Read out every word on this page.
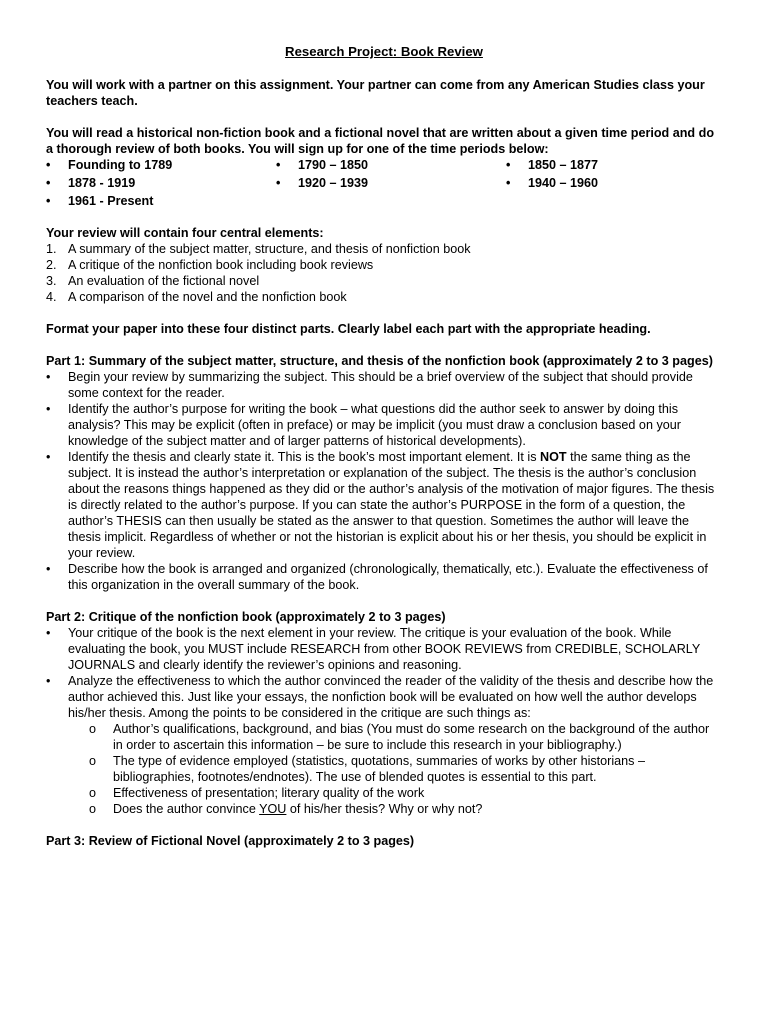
Research Project: Book Review

You will work with a partner on this assignment. Your partner can come from any American Studies class your teachers teach.

You will read a historical non-fiction book and a fictional novel that are written about a given time period and do a thorough review of both books. You will sign up for one of the time periods below:

•	Founding to 1789	•	1790 – 1850	•	1850 – 1877
•	1878 - 1919	•	1920 – 1939	•	1940 – 1960
•	1961 - Present

Your review will contain four central elements:

1. A summary of the subject matter, structure, and thesis of nonfiction book
2. A critique of the nonfiction book including book reviews
3. An evaluation of the fictional novel
4. A comparison of the novel and the nonfiction book

Format your paper into these four distinct parts. Clearly label each part with the appropriate heading.

Part 1: Summary of the subject matter, structure, and thesis of the nonfiction book (approximately 2 to 3 pages)

•	Begin your review by summarizing the subject. This should be a brief overview of the subject that should provide some context for the reader.
•	Identify the author’s purpose for writing the book – what questions did the author seek to answer by doing this analysis? This may be explicit (often in preface) or may be implicit (you must draw a conclusion based on your knowledge of the subject matter and of larger patterns of historical developments).
•	Identify the thesis and clearly state it. This is the book’s most important element. It is NOT the same thing as the subject. It is instead the author’s interpretation or explanation of the subject. The thesis is the author’s conclusion about the reasons things happened as they did or the author’s analysis of the motivation of major figures. The thesis is directly related to the author’s purpose. If you can state the author’s PURPOSE in the form of a question, the author’s THESIS can then usually be stated as the answer to that question. Sometimes the author will leave the thesis implicit. Regardless of whether or not the historian is explicit about his or her thesis, you should be explicit in your review.
•	Describe how the book is arranged and organized (chronologically, thematically, etc.). Evaluate the effectiveness of this organization in the overall summary of the book.

Part 2: Critique of the nonfiction book (approximately 2 to 3 pages)

•	Your critique of the book is the next element in your review. The critique is your evaluation of the book. While evaluating the book, you MUST include RESEARCH from other BOOK REVIEWS from CREDIBLE, SCHOLARLY JOURNALS and clearly identify the reviewer’s opinions and reasoning.
•	Analyze the effectiveness to which the author convinced the reader of the validity of the thesis and describe how the author achieved this. Just like your essays, the nonfiction book will be evaluated on how well the author develops his/her thesis. Among the points to be considered in the critique are such things as:
o	Author’s qualifications, background, and bias (You must do some research on the background of the author in order to ascertain this information – be sure to include this research in your bibliography.)
o	The type of evidence employed (statistics, quotations, summaries of works by other historians – bibliographies, footnotes/endnotes). The use of blended quotes is essential to this part.
o	Effectiveness of presentation; literary quality of the work
o	Does the author convince YOU of his/her thesis? Why or why not?

Part 3: Review of Fictional Novel (approximately 2 to 3 pages)
